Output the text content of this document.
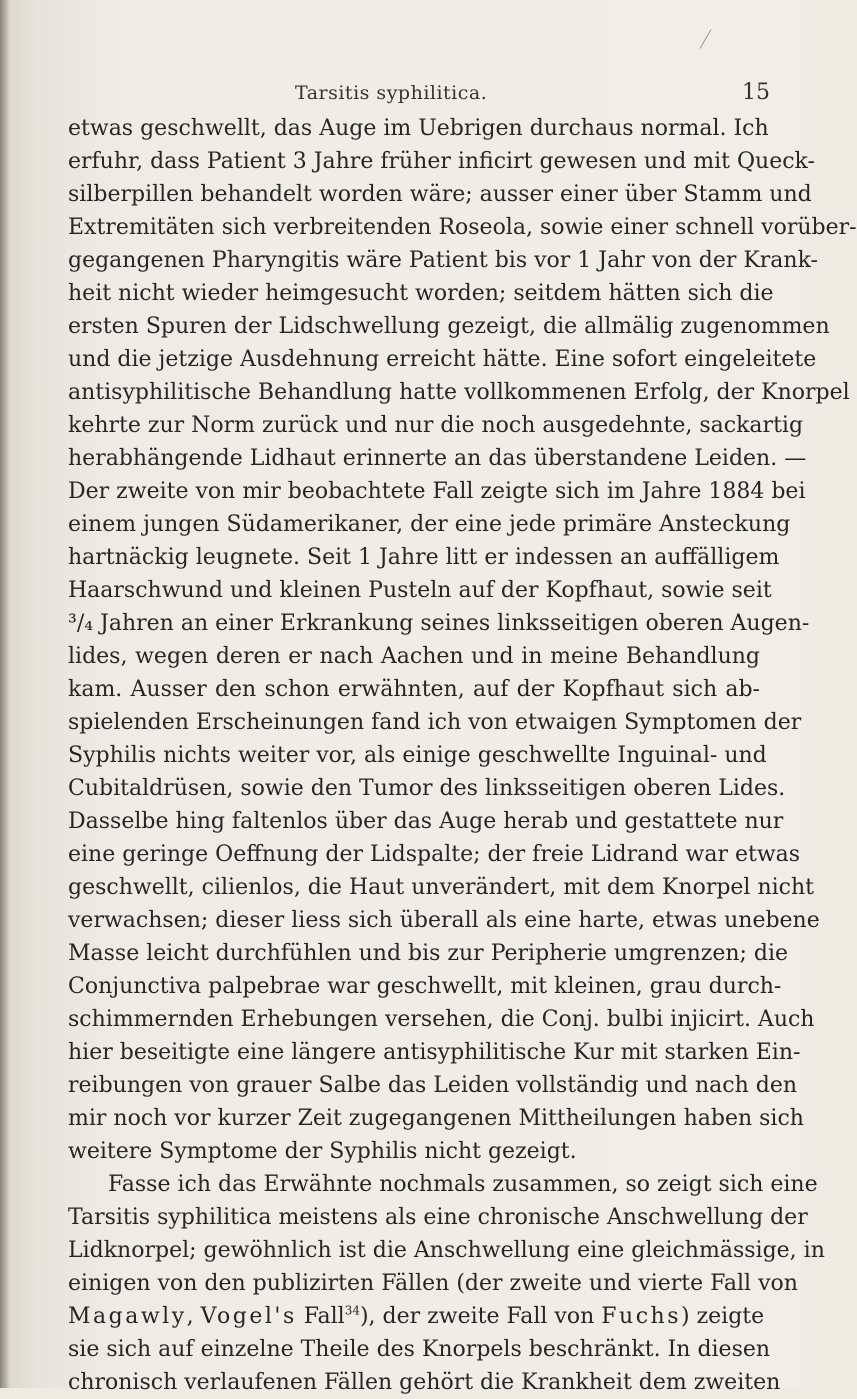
Tarsitis syphilitica.	15
etwas geschwellt, das Auge im Uebrigen durchaus normal. Ich
erfuhr, dass Patient 3 Jahre früher inficirt gewesen und mit Queck-
silberpillen behandelt worden wäre; ausser einer über Stamm und
Extremitäten sich verbreitenden Roseola, sowie einer schnell vorüber-
gegangenen Pharyngitis wäre Patient bis vor 1 Jahr von der Krank-
heit nicht wieder heimgesucht worden; seitdem hätten sich die
ersten Spuren der Lidschwellung gezeigt, die allmälig zugenommen
und die jetzige Ausdehnung erreicht hätte. Eine sofort eingeleitete
antisyphilitische Behandlung hatte vollkommenen Erfolg, der Knorpel
kehrte zur Norm zurück und nur die noch ausgedehnte, sackartig
herabhängende Lidhaut erinnerte an das überstandene Leiden. —
Der zweite von mir beobachtete Fall zeigte sich im Jahre 1884 bei
einem jungen Südamerikaner, der eine jede primäre Ansteckung
hartnäckig leugnete. Seit 1 Jahre litt er indessen an auffälligem
Haarschwund und kleinen Pusteln auf der Kopfhaut, sowie seit
³/₄ Jahren an einer Erkrankung seines linksseitigen oberen Augen-
lides, wegen deren er nach Aachen und in meine Behandlung
kam. Ausser den schon erwähnten, auf der Kopfhaut sich ab-
spielenden Erscheinungen fand ich von etwaigen Symptomen der
Syphilis nichts weiter vor, als einige geschwellte Inguinal- und
Cubitaldrüsen, sowie den Tumor des linksseitigen oberen Lides.
Dasselbe hing faltenlos über das Auge herab und gestattete nur
eine geringe Oeffnung der Lidspalte; der freie Lidrand war etwas
geschwellt, cilienlos, die Haut unverändert, mit dem Knorpel nicht
verwachsen; dieser liess sich überall als eine harte, etwas unebene
Masse leicht durchfühlen und bis zur Peripherie umgrenzen; die
Conjunctiva palpebrae war geschwellt, mit kleinen, grau durch-
schimmernden Erhebungen versehen, die Conj. bulbi injicirt. Auch
hier beseitigte eine längere antisyphilitische Kur mit starken Ein-
reibungen von grauer Salbe das Leiden vollständig und nach den
mir noch vor kurzer Zeit zugegangenen Mittheilungen haben sich
weitere Symptome der Syphilis nicht gezeigt.
Fasse ich das Erwähnte nochmals zusammen, so zeigt sich eine
Tarsitis syphilitica meistens als eine chronische Anschwellung der
Lidknorpel; gewöhnlich ist die Anschwellung eine gleichmässige, in
einigen von den publizirten Fällen (der zweite und vierte Fall von
Magawly, Vogel's Fall$^{34}$), der zweite Fall von Fuchs) zeigte
sie sich auf einzelne Theile des Knorpels beschränkt. In diesen
chronisch verlaufenen Fällen gehört die Krankheit dem zweiten
